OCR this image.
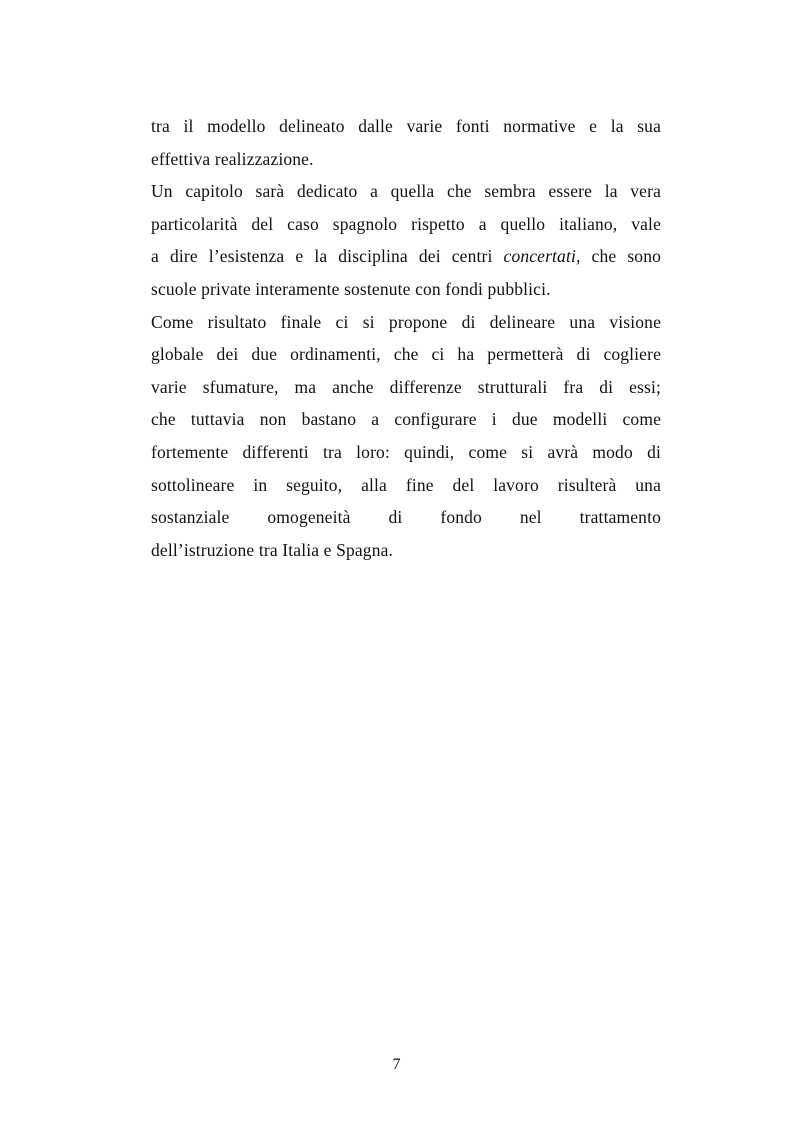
tra il modello delineato dalle varie fonti normative e la sua
effettiva realizzazione.
Un capitolo sarà dedicato a quella che sembra essere la vera
particolarità del caso spagnolo rispetto a quello italiano, vale
a dire l’esistenza e la disciplina dei centri concertati, che sono
scuole private interamente sostenute con fondi pubblici.
Come risultato finale ci si propone di delineare una visione
globale dei due ordinamenti, che ci ha permetterà di cogliere
varie sfumature, ma anche differenze strutturali fra di essi;
che tuttavia non bastano a configurare i due modelli come
fortemente differenti tra loro: quindi, come si avrà modo di
sottolineare in seguito, alla fine del lavoro risulterà una
sostanziale omogeneità di fondo nel trattamento
dell’istruzione tra Italia e Spagna.
7
